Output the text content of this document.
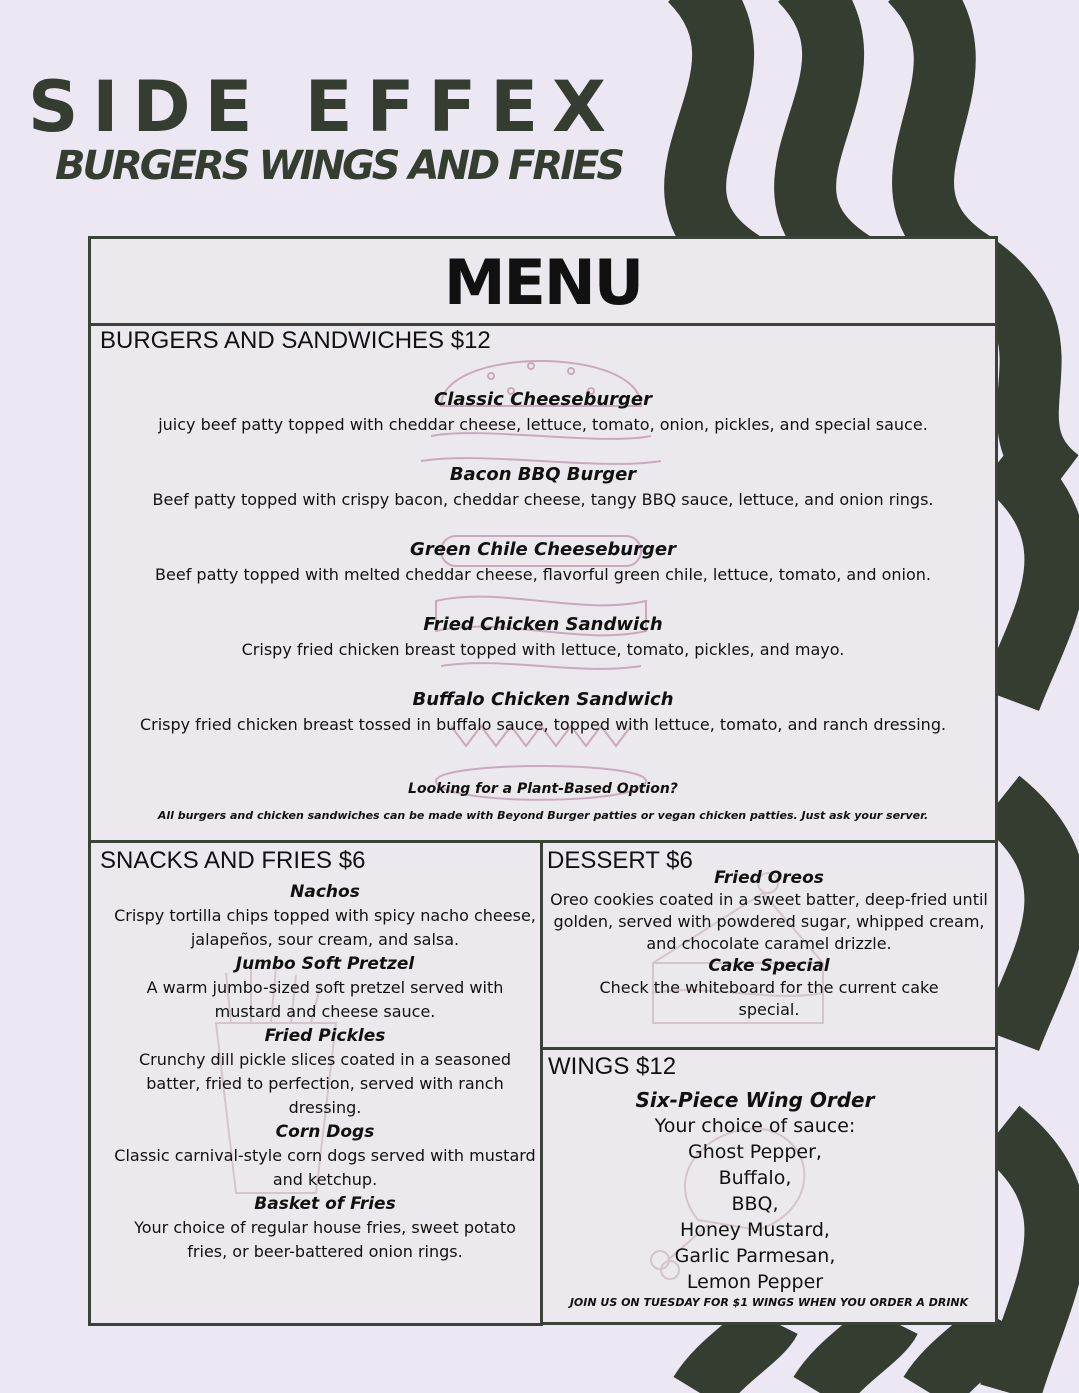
SIDE EFFEX
BURGERS WINGS AND FRIES
MENU
BURGERS AND SANDWICHES $12
Classic Cheeseburger
juicy beef patty topped with cheddar cheese, lettuce, tomato, onion, pickles, and special sauce.
Bacon BBQ Burger
Beef patty topped with crispy bacon, cheddar cheese, tangy BBQ sauce, lettuce, and onion rings.
Green Chile Cheeseburger
Beef patty topped with melted cheddar cheese, flavorful green chile, lettuce, tomato, and onion.
Fried Chicken Sandwich
Crispy fried chicken breast topped with lettuce, tomato, pickles, and mayo.
Buffalo Chicken Sandwich
Crispy fried chicken breast tossed in buffalo sauce, topped with lettuce, tomato, and ranch dressing.
Looking for a Plant-Based Option?
All burgers and chicken sandwiches can be made with Beyond Burger patties or vegan chicken patties. Just ask your server.
SNACKS AND FRIES $6
Nachos
Crispy tortilla chips topped with spicy nacho cheese, jalapeños, sour cream, and salsa.
Jumbo Soft Pretzel
A warm jumbo-sized soft pretzel served with mustard and cheese sauce.
Fried Pickles
Crunchy dill pickle slices coated in a seasoned batter, fried to perfection, served with ranch dressing.
Corn Dogs
Classic carnival-style corn dogs served with mustard and ketchup.
Basket of Fries
Your choice of regular house fries, sweet potato fries, or beer-battered onion rings.
DESSERT $6
Fried Oreos
Oreo cookies coated in a sweet batter, deep-fried until golden, served with powdered sugar, whipped cream, and chocolate caramel drizzle.
Cake Special
Check the whiteboard for the current cake special.
WINGS $12
Six-Piece Wing Order
Your choice of sauce:
Ghost Pepper,
Buffalo,
BBQ,
Honey Mustard,
Garlic Parmesan,
Lemon Pepper
JOIN US ON TUESDAY FOR $1 WINGS WHEN YOU ORDER A DRINK
